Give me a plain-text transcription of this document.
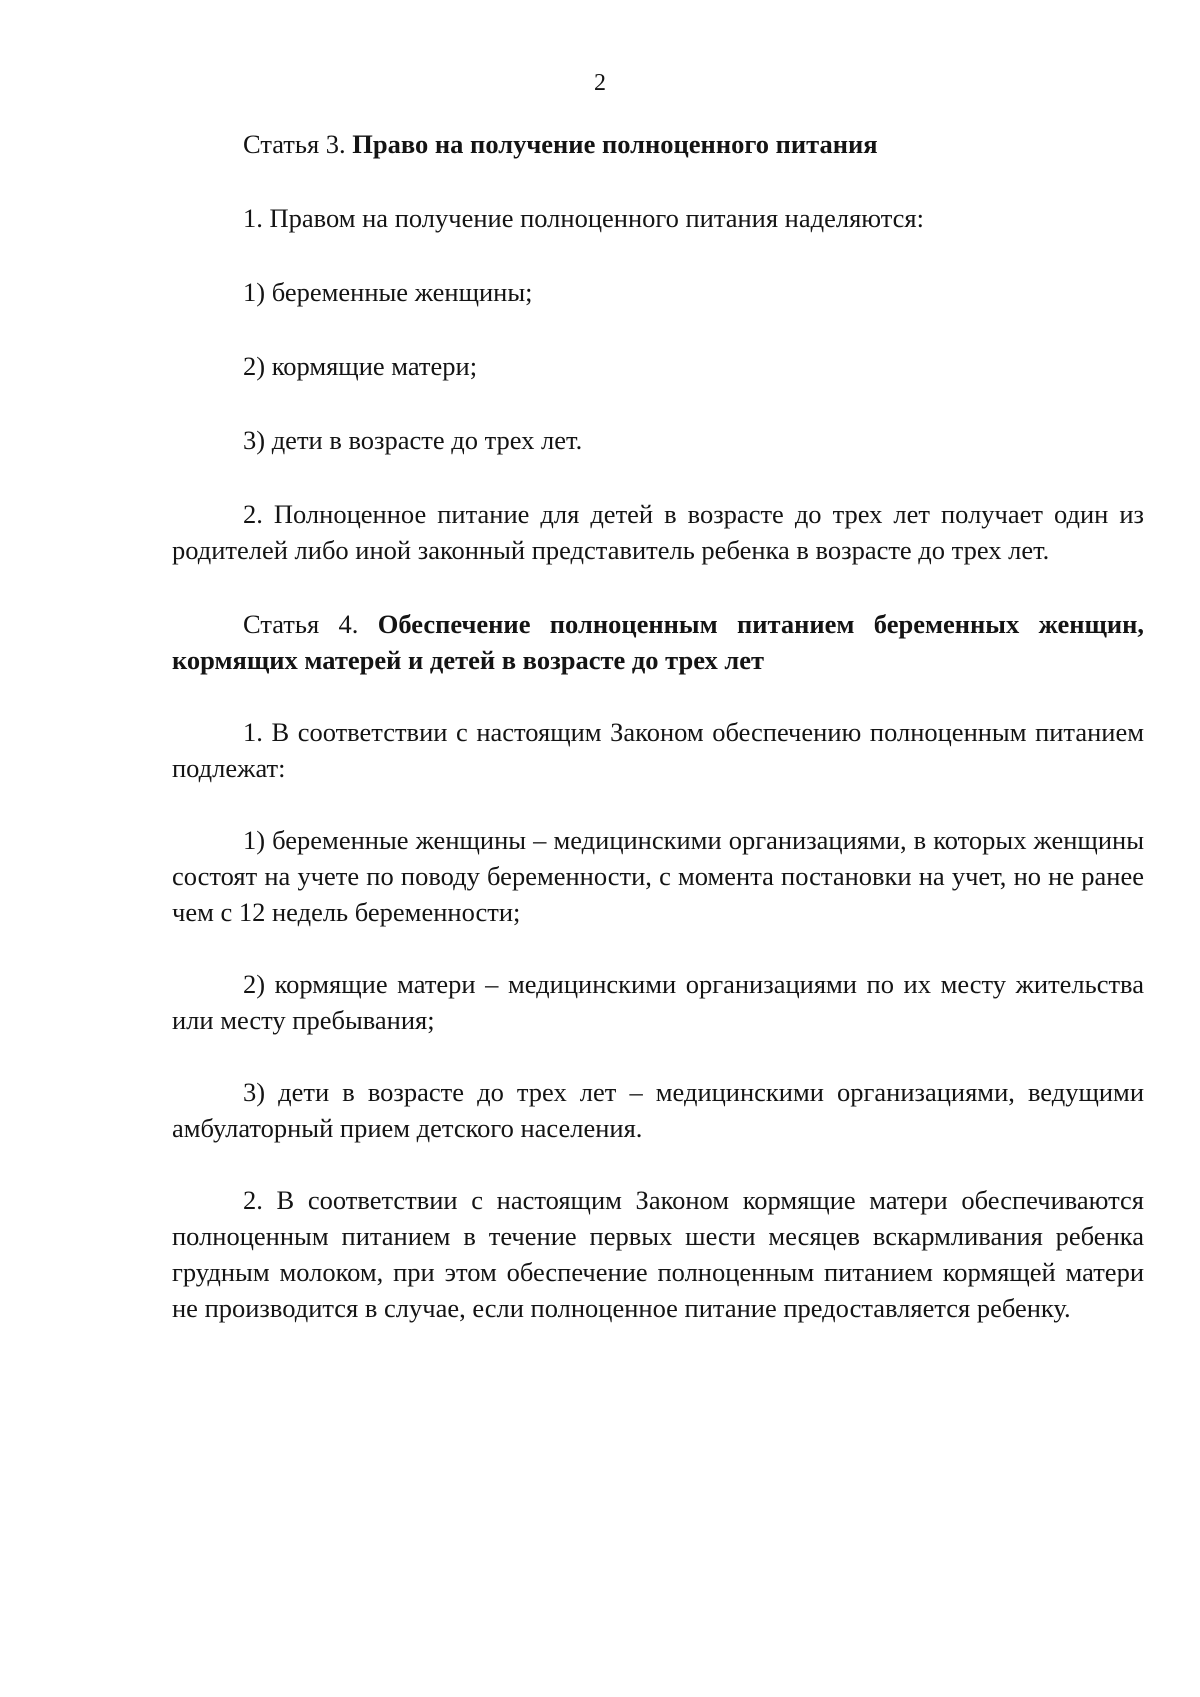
2

Статья 3. Право на получение полноценного питания

1. Правом на получение полноценного питания наделяются:

1) беременные женщины;

2) кормящие матери;

3) дети в возрасте до трех лет.

2. Полноценное питание для детей в возрасте до трех лет получает один из родителей либо иной законный представитель ребенка в возрасте до трех лет.

Статья 4. Обеспечение полноценным питанием беременных женщин, кормящих матерей и детей в возрасте до трех лет

1. В соответствии с настоящим Законом обеспечению полноценным питанием подлежат:

1) беременные женщины – медицинскими организациями, в которых женщины состоят на учете по поводу беременности, с момента постановки на учет, но не ранее чем с 12 недель беременности;

2) кормящие матери – медицинскими организациями по их месту жительства или месту пребывания;

3) дети в возрасте до трех лет – медицинскими организациями, ведущими амбулаторный прием детского населения.

2. В соответствии с настоящим Законом кормящие матери обеспечиваются полноценным питанием в течение первых шести месяцев вскармливания ребенка грудным молоком, при этом обеспечение полноценным питанием кормящей матери не производится в случае, если полноценное питание предоставляется ребенку.
